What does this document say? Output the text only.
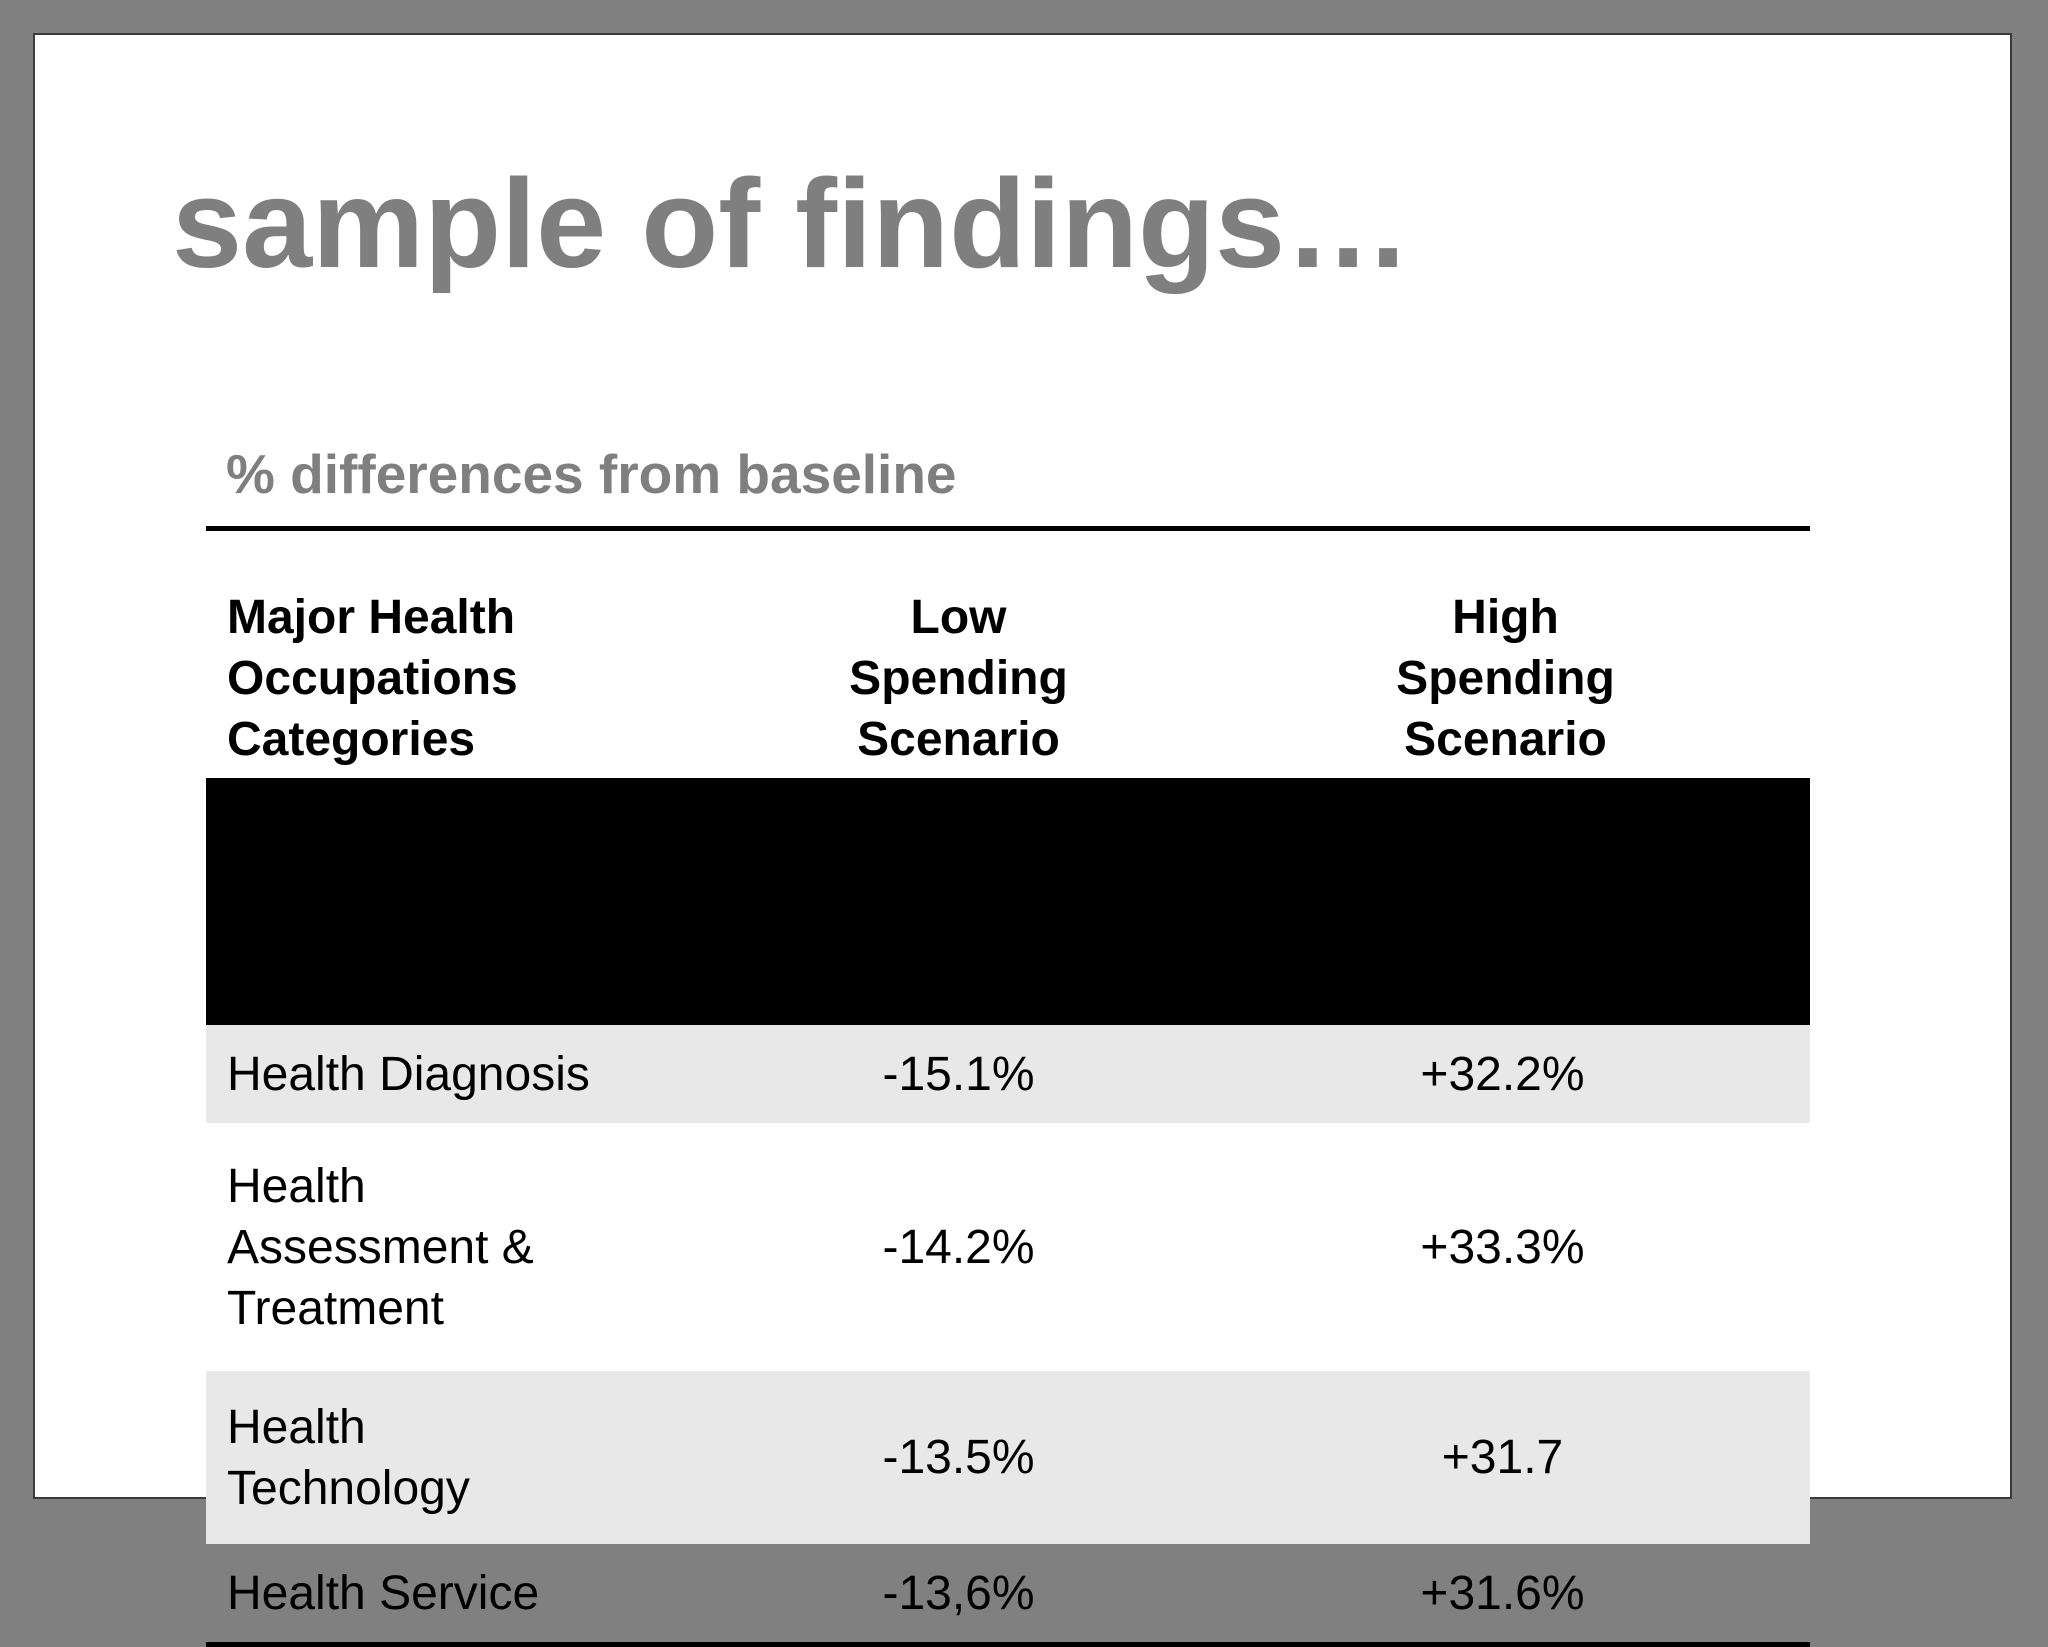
sample of findings…
% differences from baseline
Major Health Occupations Categories	Low Spending Scenario	High Spending Scenario

Health Diagnosis	-15.1%	+32.2%
Health Assessment & Treatment	-14.2%	+33.3%
Health Technology	-13.5%	+31.7
Health Service	-13,6%	+31.6%
